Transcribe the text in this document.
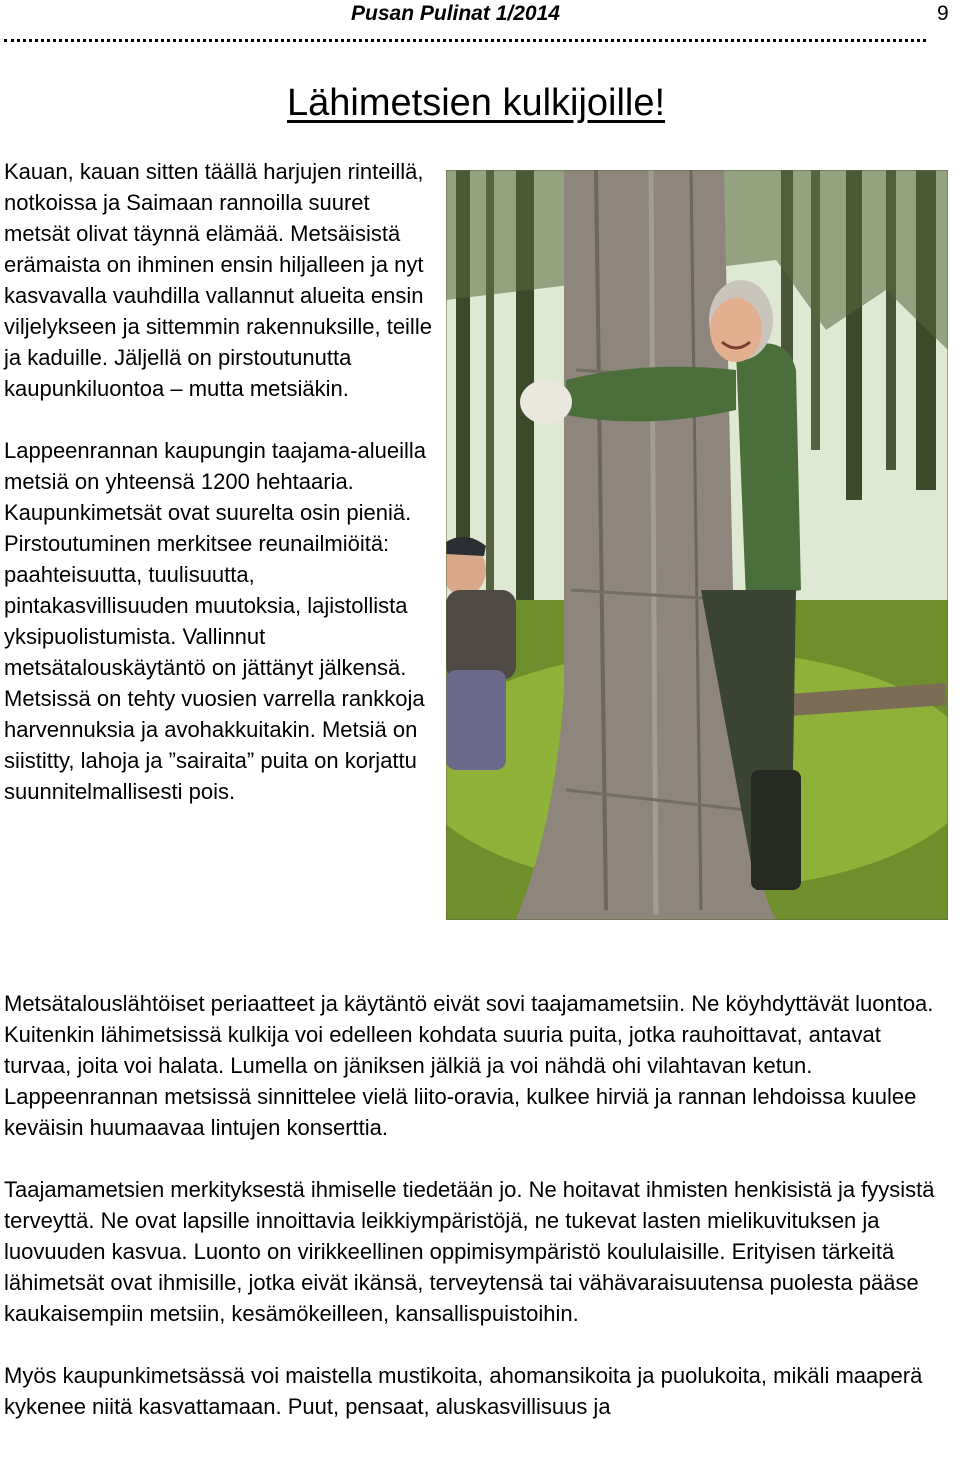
Pusan Pulinat 1/2014	9
Lähimetsien kulkijoille!

Kauan, kauan sitten täällä harjujen rinteillä, notkoissa ja Saimaan rannoilla suuret metsät olivat täynnä elämää. Metsäisistä erämaista on ihminen ensin hiljalleen ja nyt kasvavalla vauhdilla vallannut alueita ensin viljelykseen ja sittemmin rakennuksille, teille ja kaduille. Jäljellä on pirstoutunutta kaupunkiluontoa – mutta metsiäkin.

Lappeenrannan kaupungin taajama-alueilla metsiä on yhteensä 1200 hehtaaria. Kaupunkimetsät ovat suurelta osin pieniä. Pirstoutuminen merkitsee reunailmiöitä: paahteisuutta, tuulisuutta, pintakasvillisuuden muutoksia, lajistollista yksipuolistumista. Vallinnut metsätalouskäytäntö on jättänyt jälkensä. Metsissä on tehty vuosien varrella rankkoja harvennuksia ja avohakkuitakin. Metsiä on siistitty, lahoja ja ”sairaita” puita on korjattu suunnitelmallisesti pois.

Metsätalouslähtöiset periaatteet ja käytäntö eivät sovi taajamametsiin. Ne köyhdyttävät luontoa. Kuitenkin lähimetsissä kulkija voi edelleen kohdata suuria puita, jotka rauhoittavat, antavat turvaa, joita voi halata. Lumella on jäniksen jälkiä ja voi nähdä ohi vilahtavan ketun. Lappeenrannan metsissä sinnittelee vielä liito-oravia, kulkee hirviä ja rannan lehdoissa kuulee keväisin huumaavaa lintujen konserttia.

Taajamametsien merkityksestä ihmiselle tiedetään jo. Ne hoitavat ihmisten henkisistä ja fyysistä terveyttä. Ne ovat lapsille innoittavia leikkiympäristöjä, ne tukevat lasten mielikuvituksen ja luovuuden kasvua. Luonto on virikkeellinen oppimisympäristö koululaisille. Erityisen tärkeitä lähimetsät ovat ihmisille, jotka eivät ikänsä, terveytensä tai vähävaraisuutensa puolesta pääse kaukaisempiin metsiin, kesämökeilleen, kansallispuistoihin.

Myös kaupunkimetsässä voi maistella mustikoita, ahomansikoita ja puolukoita, mikäli maaperä kykenee niitä kasvattamaan. Puut, pensaat, aluskasvillisuus ja
